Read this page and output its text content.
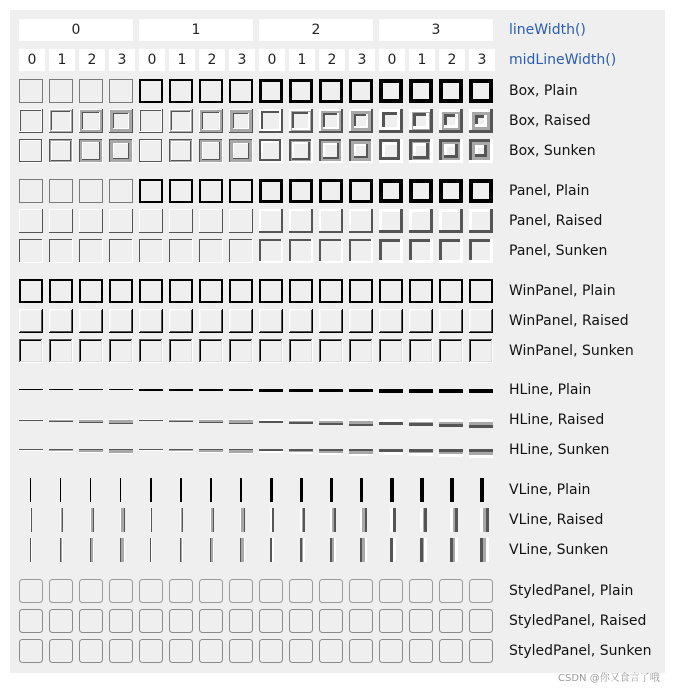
0	1	2	3	lineWidth()
0	1	2	3	0	1	2	3	0	1	2	3	0	1	2	3	midLineWidth()
Box, Plain
Box, Raised
Box, Sunken
Panel, Plain
Panel, Raised
Panel, Sunken
WinPanel, Plain
WinPanel, Raised
WinPanel, Sunken
HLine, Plain
HLine, Raised
HLine, Sunken
VLine, Plain
VLine, Raised
VLine, Sunken
StyledPanel, Plain
StyledPanel, Raised
StyledPanel, Sunken
CSDN @你又食言了哦
